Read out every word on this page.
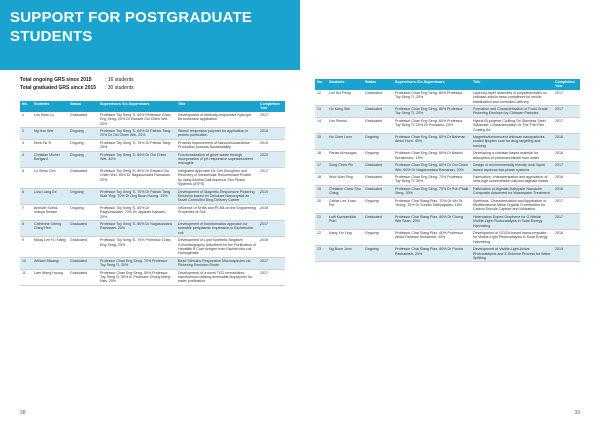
SUPPORT FOR POSTGRADUATE
STUDENTS
Total ongoing GRS since 2015	: 16 students
Total graduated GRS since 2015	: 30 students
No.	Students	Status	Supervisors /Co-Supervisors	Title	Completion Year
1	Lim Siew Lu	Graduated	Professor Toy Seng Ti- 60% Professor Chan Eng Seng- 20% Dr Edward Ooi Chien Wei- 20%	Development of antibody-responsive hydrogel for biosensor application	2017
2	Ng Hon Wei	Ongoing	Professor Toy Seng Ti- 60% Dr Patrick Tang- 20% Dr Ooi Chien Wei- 20%	Stimuli responsive polymer for application in protein purification	2018
3	Kiew Tsi Yi	Ongoing	Professor Toy Seng Ti- 75% Dr Patrick Tang- 25%	Process Improvement of Nanocellulose/silica Production towards Sustainability	2019
4	Christian Michel Borigard	Ongoing	Professor Toy Seng Ti- 60% Dr Ooi Chien Wei- 40%	Functionalization of glove waste through incorporation of pH-responsive superabsorbent microgels	2020
5	Lo Sewn Cen	Graduated	Professor Toy Seng Ti- 60% Dr Edward Ooi Chien Wei- 60% Dr Nagasundara Ramanan- 20%	Integrated Approach for Cell Disruption and Recovery of Intracellular Recombinant Protein by using Alcohol-Salt Aqueous Two Phase Systems (ATPS)	2017
6	Liow Liang Ee	Ongoing	Professor Toy Seng Ti- 70% Dr Patrick Tang Siah Ying- 70% Dr Ong Boon Hoong- 15%	Development of Magnetic-Responsive Pickering Emulsion based on Cellulose Nanocrystal as Novel Controlled Drug Delivery Carrier	2019
7	Anirudh Subra-manya Srinam	Ongoing	Professor Toy Seng Ti- 60% Dr Raghunandan- 70% Dr Jayanthi Kalwani- 20%	Influence of SHBs and PCMs on the Engineering Properties of Soil	2018
8	Catherine Cheng Ching Hen	Graduated	Professor Toy Seng Ti- 80% Dr Nagasundara Ramanan- 20%	Development of bioinformatics approach for tuneable periplasmic expression in Escherichia coli	2017
9	Micky Lee Fu Xiang	Graduated	Professor Toy Seng Ti- 75% Professor Chan Eng Seng- 25%	Development of Lipid Synthetic Negative Chromatography Adsorbent for the Purification of Hepatitis B Core Antigen from Escherichia coli Homogenate	2016
10	William Mwangi	Graduated	Professor Chan Eng Seng- 70% Professor Toy Seng Ti- 30%	Bead Stimulus Responsive Microcapsules via Pickering Emulsion Route	2017
11	Lam Weng Hoong	Graduated	Professor Chan Eng Seng- 50% Professor Toy Seng Ti- 30% A. Professor Chong Meng Nan- 20%	Development of a novel TiO2 immobilised nanoformula utilising renewable biopolymer for water purification	2017
No.	Students	Status	Supervisors /Co-Supervisors	Title	Completion Year
12	Lim Hui Peng	Graduated	Professor Chan Eng Seng- 80% Professor Toy Seng Ti- 20%	Layer-by-layer assembly of polyelectrolytes on chitosan-insulin nano-complexes for insulin stabilization and controlled-delivery	2017
13	Ho Kang Wei	Graduated	Professor Chan Eng Seng- 80% Professor Toy Seng Ti- 20%	Formation and Characterisation of Food-Grade Pickering Emulsion by Chitosan Particles	2017
14	Lim Sheirui	Graduated	Professor Chan Eng Seng- 60% Professor Toy Seng Ti- 20% Dr Poosaesi- 20%	Hybrid Bi-polymer Coating On Stainless Steel Substrate: Characterization Of The Thin Film Coating As	2017
15	Ho Chen Loon	Ongoing	Professor Chan Eng Seng- 60% Dr Bahman Amini Horri- 40%	Magnetic/luminescent chitosan nanoparticles coated lipoplex core for drug targeting and tracking	2018
16	Parias Armougan	Ongoing	Professor Chan Eng Seng- 60% Dr Basuki Surasmono- 15%	Developing a chitosan based material for adsorption of pharmaceuticals from water	2018
17	Song Chen Pin	Graduated	Professor Chan Eng Seng- 60% Dr Ooi Chien Wei- 60% Dr Nagasundara Ramanan- 20%	Design of environmentally friendly ionic liquid based aqueous two-phase systems	2017
18	Woo Wan Ping	Graduated	Professor Chan Eng Seng- 70% Professor Toy Seng Ti- 30%	Fabrication, characterisation and application of ultra-high concentration calcium alginate beads	2016
19	Christine Chew Shu Ching	Graduated	Professor Chan Eng Seng- 70% Dr Poh Phaik Seng- 30%	Fabrication of Alginate-Halloysite Nanotube Composite Adsorbent for Wastewater Treatment	2016
20	Cathie Lee Xuan Pei	Ongoing	Professor Chai Siang Piao- 70% Dr Wu Ta Yeong- 15% Dr Suresh Sathyapalan- 15%	Synthesis, Characterization and Application of Multifunctional Metal Organic Frameworks for Carbon Dioxide Capture and Utilization	2017
21	Lutfi Kurnianditia Putri	Graduated	Professor Chai Siang Piao- 80% Dr Chong Wei Sean- 20%	Heteroatom Doped Graphene for G-Nitride Visible-Light Photocatalysis in Solar Energy Harvesting	2017
22	Kang Xin Ying	Ongoing	Professor Chai Siang Piao- 60% Professor Abdul Rahman Mohamed- 30%	Development of GO/Zn-based nanocomposite for Visible-Light Photocatalysis in Solar Energy Harvesting	2018
23	Ng Boon Junn	Ongoing	Professor Chai Siang Piao- 80% Dr Pooria Pasbakhsh- 20%	Development of Visible-Light-Active Photocatalysts and Z-Scheme Process for Water Splitting	2019
38	39
